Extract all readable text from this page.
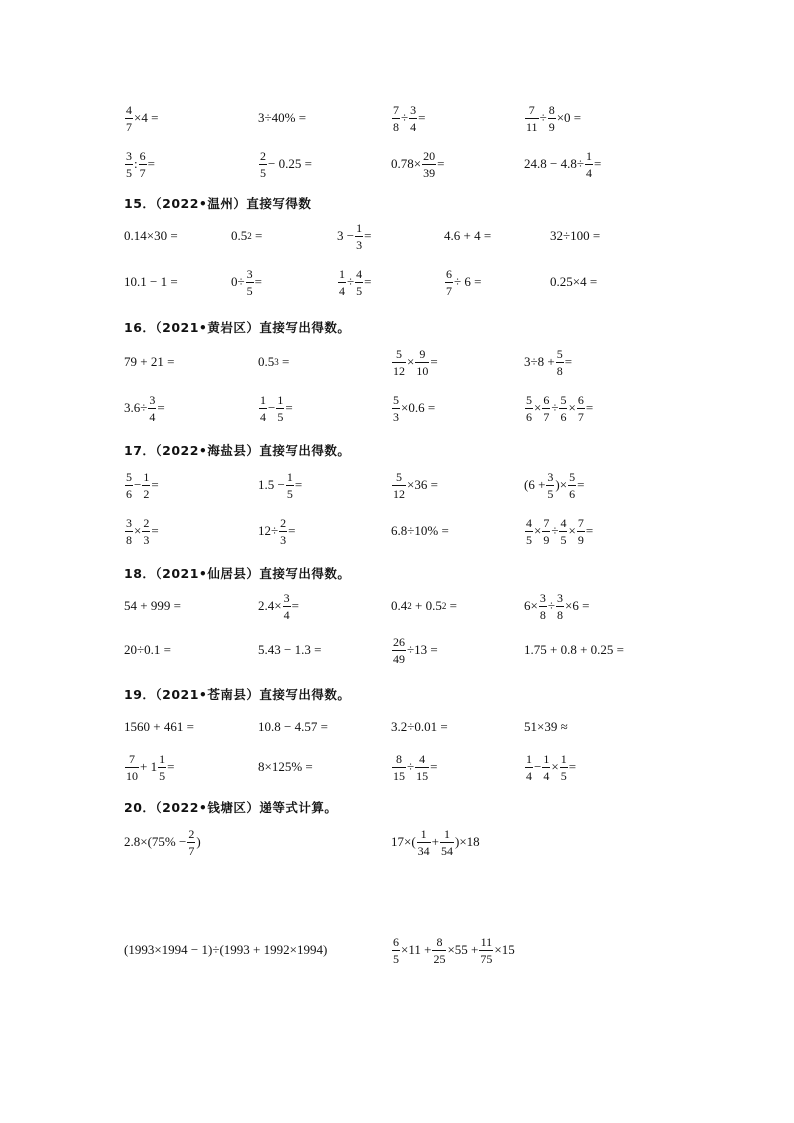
$\frac{4}{7} \times 4$ =	3÷40% =	$\frac{7}{8} \div \frac{3}{4}$ =	$\frac{7}{11} \div \frac{8}{9} \times 0$ =
$\frac{3}{5}$ : $\frac{6}{7}$ =	$\frac{2}{5} - 0.25$ =	$0.78\times \frac{20}{39}$ =	$24.8 - 4.8\div \frac{1}{4}$ =
0.14×30 =	0.5 2 =	$3 - \frac{1}{3}$ =	4.6 + 4 =	32÷100 =
10.1 − 1 =	$0\div \frac{3}{5}$ =	$\frac{1}{4} \div \frac{4}{5}$ =	$\frac{6}{7} \div 6$ =	0.25×4 =
79 + 21 =	0.5 3 =	$\frac{5}{12} \times \frac{9}{10}$ =	$3\div 8 + \frac{5}{8}$ =
$3.6\div \frac{3}{4}$ =	$\frac{1}{4} - \frac{1}{5}$ =	$\frac{5}{3} \times 0.6$ =	$\frac{5}{6} \times \frac{6}{7} \div \frac{5}{6} \times \frac{6}{7}$ =
$\frac{5}{6} - \frac{1}{2}$ =	$1.5 - \frac{1}{5}$ =	$\frac{5}{12} \times 36$ =	($6 + \frac{3}{5}$ )× $\frac{5}{6}$ =
$\frac{3}{8} \times \frac{2}{3}$ =	$12\div \frac{2}{3}$ =	6.8÷10% =	$\frac{4}{5} \times \frac{7}{9} \div \frac{4}{5} \times \frac{7}{9}$ =
54 + 999 =	$2.4\times \frac{3}{4}$ =	0.4 2 + 0.5 2 =	$6\times \frac{3}{8} \div \frac{3}{8} \times 6$ =
20÷0.1 =	5.43 − 1.3 =	$\frac{26}{49} \div 13$ =	1.75 + 0.8 + 0.25 =
1560 + 461 =	10.8 − 4.57 =	3.2÷0.01 =	51×39 ≈
$\frac{7}{10} + 1 \frac{1}{5}$ =	8×125% =	$\frac{8}{15} \div \frac{4}{15}$ =	$\frac{1}{4} - \frac{1}{4} \times \frac{1}{5}$ =
$2.8\times(75\% - \frac{2}{7}$ )	$17\times( \frac{1}{34} + \frac{1}{54} )\times 18$
(1993×1994 − 1)÷(1993 + 1992×1994)	$\frac{6}{5} \times 11 + \frac{8}{25} \times 55 + \frac{11}{75} \times 15$
15．（2022•温州）直接写得数
16．（2021•黄岩区）直接写出得数。
17．（2022•海盐县）直接写出得数。
18．（2021•仙居县）直接写出得数。
19．（2021•苍南县）直接写出得数。
20．（2022•钱塘区）递等式计算。
